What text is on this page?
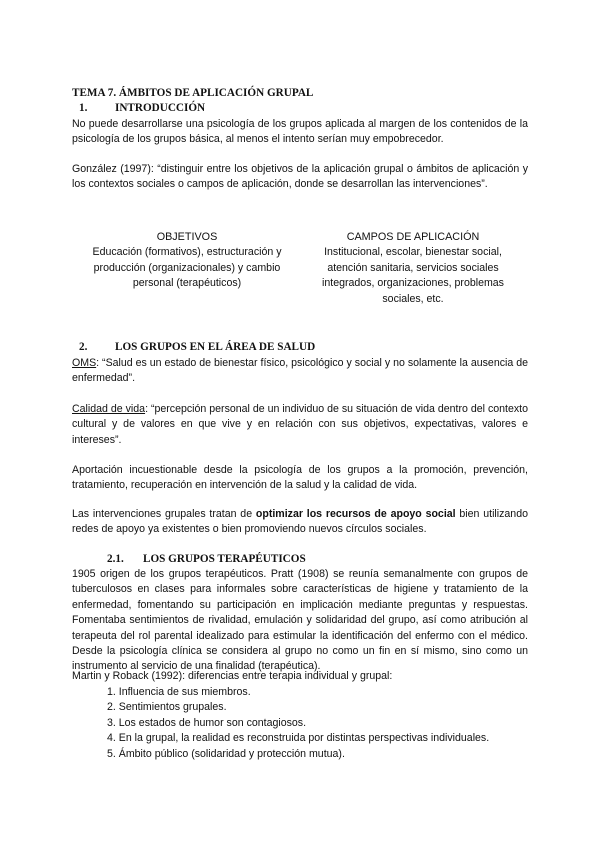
TEMA 7. ÁMBITOS DE APLICACIÓN GRUPAL
1. INTRODUCCIÓN
No puede desarrollarse una psicología de los grupos aplicada al margen de los contenidos de la psicología de los grupos básica, al menos el intento serían muy empobrecedor.
González (1997): “distinguir entre los objetivos de la aplicación grupal o ámbitos de aplicación y los contextos sociales o campos de aplicación, donde se desarrollan las intervenciones”.
OBJETIVOS
Educación (formativos), estructuración y producción (organizacionales) y cambio personal (terapéuticos)
CAMPOS DE APLICACIÓN
Institucional, escolar, bienestar social, atención sanitaria, servicios sociales integrados, organizaciones, problemas sociales, etc.
2. LOS GRUPOS EN EL ÁREA DE SALUD
OMS: “Salud es un estado de bienestar físico, psicológico y social y no solamente la ausencia de enfermedad”.
Calidad de vida: “percepción personal de un individuo de su situación de vida dentro del contexto cultural y de valores en que vive y en relación con sus objetivos, expectativas, valores e intereses”.
Aportación incuestionable desde la psicología de los grupos a la promoción, prevención, tratamiento, recuperación en intervención de la salud y la calidad de vida.
Las intervenciones grupales tratan de optimizar los recursos de apoyo social bien utilizando redes de apoyo ya existentes o bien promoviendo nuevos círculos sociales.
2.1. LOS GRUPOS TERAPÉUTICOS
1905 origen de los grupos terapéuticos. Pratt (1908) se reunía semanalmente con grupos de tuberculosos en clases para informales sobre características de higiene y tratamiento de la enfermedad, fomentando su participación en implicación mediante preguntas y respuestas. Fomentaba sentimientos de rivalidad, emulación y solidaridad del grupo, así como atribución al terapeuta del rol parental idealizado para estimular la identificación del enfermo con el médico. Desde la psicología clínica se considera al grupo no como un fin en sí mismo, sino como un instrumento al servicio de una finalidad (terapéutica).
Martin y Roback (1992): diferencias entre terapia individual y grupal:
1. Influencia de sus miembros.
2. Sentimientos grupales.
3. Los estados de humor son contagiosos.
4. En la grupal, la realidad es reconstruida por distintas perspectivas individuales.
5. Ámbito público (solidaridad y protección mutua).
